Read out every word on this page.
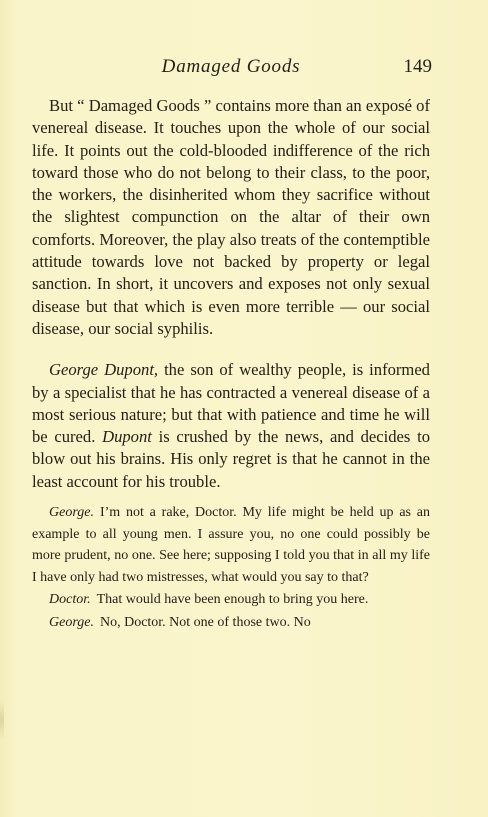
Damaged Goods	149

But “ Damaged Goods ” contains more than an exposé of venereal disease. It touches upon the whole of our social life. It points out the cold-blooded indifference of the rich toward those who do not belong to their class, to the poor, the workers, the disinherited whom they sacrifice without the slightest compunction on the altar of their own comforts. Moreover, the play also treats of the contemptible attitude towards love not backed by property or legal sanction. In short, it uncovers and exposes not only sexual disease but that which is even more terrible — our social disease, our social syphilis.

George Dupont, the son of wealthy people, is informed by a specialist that he has contracted a venereal disease of a most serious nature; but that with patience and time he will be cured. Dupont is crushed by the news, and decides to blow out his brains. His only regret is that he cannot in the least account for his trouble.

George. I’m not a rake, Doctor. My life might be held up as an example to all young men. I assure you, no one could possibly be more prudent, no one. See here; supposing I told you that in all my life I have only had two mistresses, what would you say to that?

Doctor. That would have been enough to bring you here.

George. No, Doctor. Not one of those two. No
